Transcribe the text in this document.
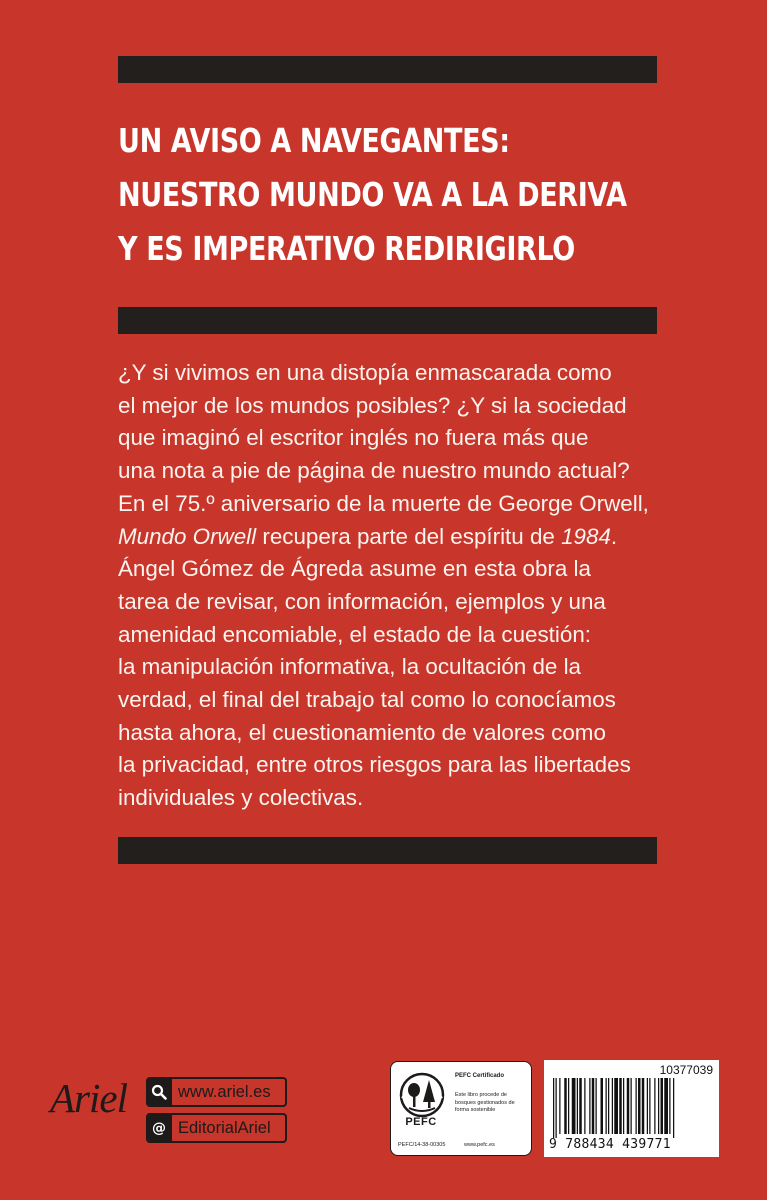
UN AVISO A NAVEGANTES:
NUESTRO MUNDO VA A LA DERIVA
Y ES IMPERATIVO REDIRIGIRLO
¿Y si vivimos en una distopía enmascarada como
el mejor de los mundos posibles? ¿Y si la sociedad
que imaginó el escritor inglés no fuera más que
una nota a pie de página de nuestro mundo actual?
En el 75.º aniversario de la muerte de George Orwell,
Mundo Orwell recupera parte del espíritu de 1984.
Ángel Gómez de Ágreda asume en esta obra la
tarea de revisar, con información, ejemplos y una
amenidad encomiable, el estado de la cuestión:
la manipulación informativa, la ocultación de la
verdad, el final del trabajo tal como lo conocíamos
hasta ahora, el cuestionamiento de valores como
la privacidad, entre otros riesgos para las libertades
individuales y colectivas.
Ariel	www.ariel.es
@ EditorialAriel	PEFC
PEFC/14-38-00305
PEFC Certificado
Este libro procede de bosques gestionados de forma sostenible
www.pefc.es
10377039
9 788434 439771
